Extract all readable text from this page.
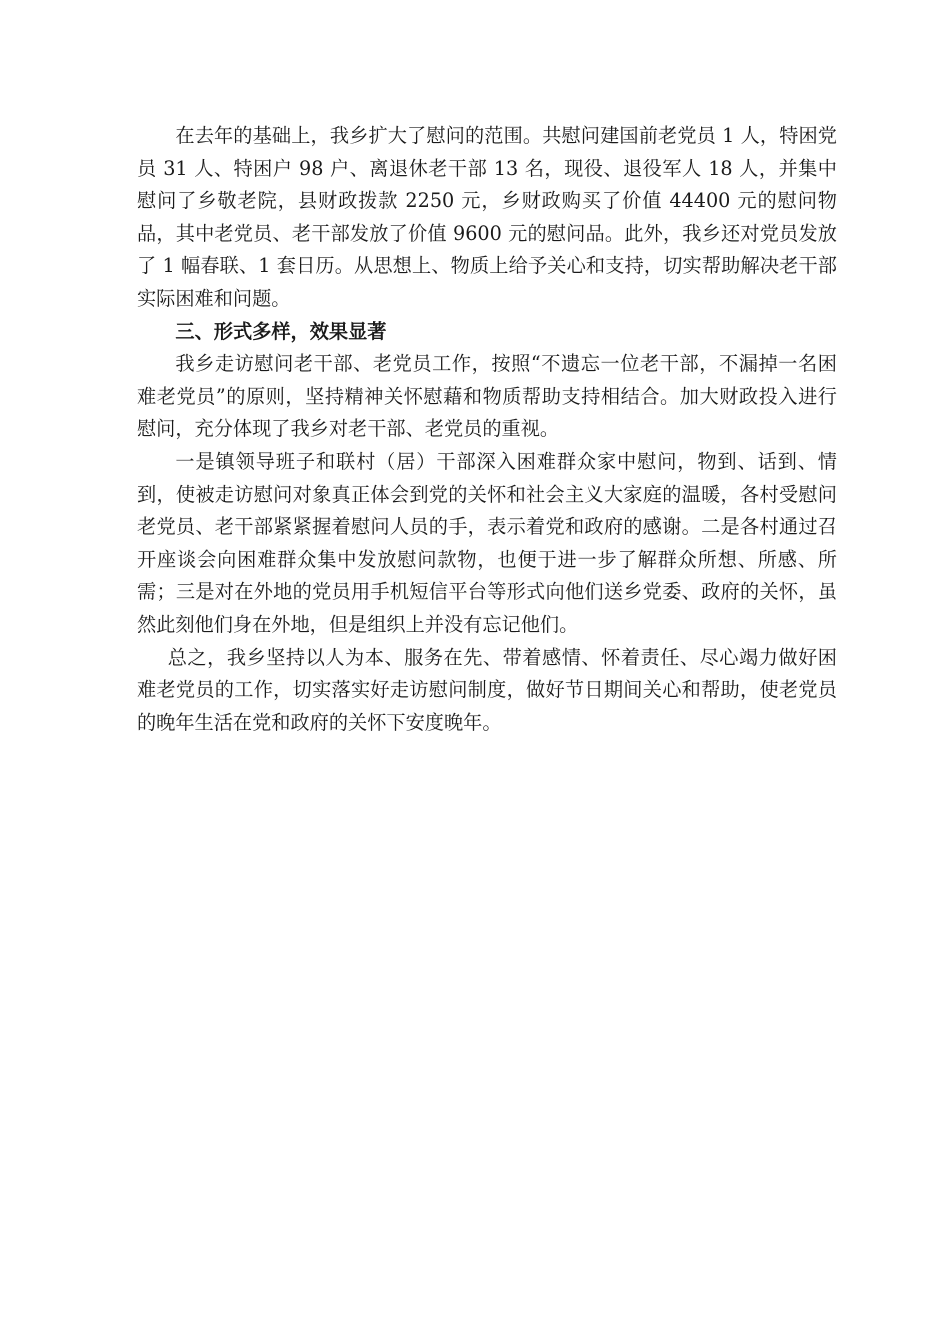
在去年的基础上，我乡扩大了慰问的范围。共慰问建国前老党员 1 人，特困党员 31 人、特困户 98 户、离退休老干部 13 名，现役、退役军人 18 人，并集中慰问了乡敬老院，县财政拨款 2250 元，乡财政购买了价值 44400 元的慰问物品，其中老党员、老干部发放了价值 9600 元的慰问品。此外，我乡还对党员发放了 1 幅春联、1 套日历。从思想上、物质上给予关心和支持，切实帮助解决老干部实际困难和问题。

三、形式多样，效果显著

我乡走访慰问老干部、老党员工作，按照“不遗忘一位老干部，不漏掉一名困难老党员”的原则，坚持精神关怀慰藉和物质帮助支持相结合。加大财政投入进行慰问，充分体现了我乡对老干部、老党员的重视。

一是镇领导班子和联村（居）干部深入困难群众家中慰问，物到、话到、情到，使被走访慰问对象真正体会到党的关怀和社会主义大家庭的温暖，各村受慰问老党员、老干部紧紧握着慰问人员的手，表示着党和政府的感谢。二是各村通过召开座谈会向困难群众集中发放慰问款物，也便于进一步了解群众所想、所感、所需；三是对在外地的党员用手机短信平台等形式向他们送乡党委、政府的关怀，虽然此刻他们身在外地，但是组织上并没有忘记他们。

总之，我乡坚持以人为本、服务在先、带着感情、怀着责任、尽心竭力做好困难老党员的工作，切实落实好走访慰问制度，做好节日期间关心和帮助，使老党员的晚年生活在党和政府的关怀下安度晚年。
